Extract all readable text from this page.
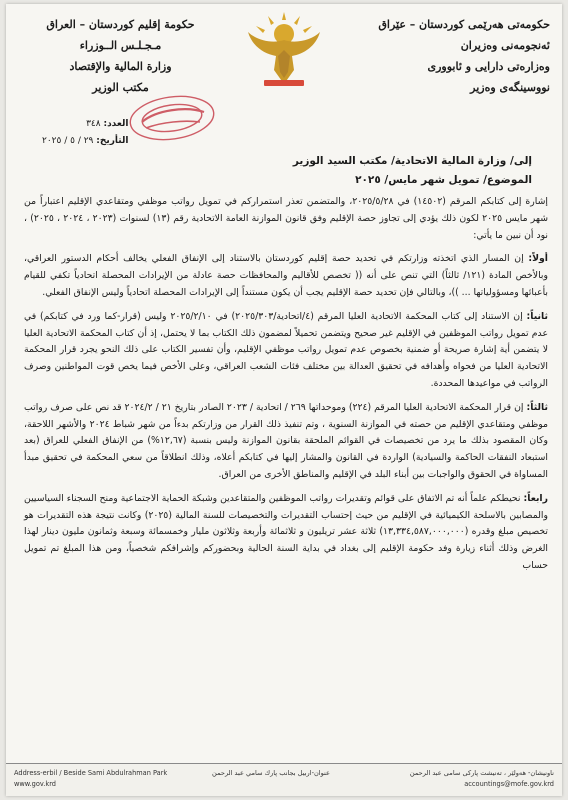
حکومەتی هەرێمی کوردستان – عێراق
ئەنجومەنی وەزیران
وەزارەتی دارایی و ئابووری
نووسینگەی وەزیر
حكومة إقليم كوردستان – العراق
مـجـلـس الــوزراء
وزارة المالية والإقتصاد
مكتب الوزير
العدد: ٣٤٨
التأريخ: ٢٩ / ٥ / ٢٠٢٥
إلى/ وزارة المالية الاتحادية/ مكتب السيد الوزير
الموضوع/ تمويل شهر مايس/ ٢٠٢٥

إشارة إلى كتابكم المرقم (١٤٥٠٢) في ٢٠٢٥/٥/٢٨، والمتضمن تعذر استمراركم في تمويل رواتب موظفي ومتقاعدي الإقليم اعتباراً من شهر مايس ٢٠٢٥ لكون ذلك يؤدي إلى تجاوز حصة الإقليم وفق قانون الموازنة العامة الاتحادية رقم (١٣) لسنوات (٢٠٢٣ ، ٢٠٢٤ ، ٢٠٢٥) ، نود أن نبين ما يأتي:

أولاً: إن المسار الذي اتخذته وزارتكم في تحديد حصة إقليم كوردستان بالاستناد إلى الإنفاق الفعلي يخالف أحكام الدستور العراقي، وبالأخص المادة (١٢١/ ثالثاً) التي تنص على أنه (( تخصص للأقاليم والمحافظات حصة عادلة من الإيرادات المحصلة اتحادياً تكفي للقيام بأعبائها ومسؤولياتها ... ))، وبالتالي فإن تحديد حصة الإقليم يجب أن يكون مستنداً إلى الإيرادات المحصلة اتحادياً وليس الإنفاق الفعلي.

ثانياً: إن الاستناد إلى كتاب المحكمة الاتحادية العليا المرقم (٤/اتحادية/٢٠٢٥/٣٠٣) في ٢٠٢٥/٢/١٠ وليس (قرار-كما ورد في كتابكم) في عدم تمويل رواتب الموظفين في الإقليم غير صحيح ويتضمن تحميلاً لمضمون ذلك الكتاب بما لا يحتمل، إذ أن كتاب المحكمة الاتحادية العليا لا يتضمن أية إشارة صريحة أو ضمنية بخصوص عدم تمويل رواتب موظفي الإقليم، وأن تفسير الكتاب على ذلك النحو يجرد قرار المحكمة الاتحادية العليا من فحواه وأهدافه في تحقيق العدالة بين مختلف فئات الشعب العراقي، وعلى الأخص فيما يخص قوت المواطنين وصرف الرواتب في مواعيدها المحددة.

ثالثاً: إن قرار المحكمة الاتحادية العليا المرقم (٢٢٤) وموحداتها ٢٦٩ / اتحادية / ٢٠٢٣ الصادر بتاريخ ٢١ / ٢٠٢٤/٢ قد نص على صرف رواتب موظفي ومتقاعدي الإقليم من حصته في الموازنة السنوية ، وتم تنفيذ ذلك القرار من وزارتكم بدءاً من شهر شباط ٢٠٢٤ والأشهر اللاحقة، وكان المقصود بذلك ما يرد من تخصيصات في القوائم الملحقة بقانون الموازنة وليس بنسبة (١٢,٦٧%) من الإنفاق الفعلي للعراق (بعد استبعاد النفقات الحاكمة والسيادية) الواردة في القانون والمشار إليها في كتابكم أعلاه، وذلك انطلاقاً من سعي المحكمة في تحقيق مبدأ المساواة في الحقوق والواجبات بين أبناء البلد في الإقليم والمناطق الأخرى من العراق.

رابعاً: نحيطكم علماً أنه تم الاتفاق على قوائم وتقديرات رواتب الموظفين والمتقاعدين وشبكة الحماية الاجتماعية ومنح السجناء السياسيين والمصابين بالاسلحة الكيميائية في الإقليم من حيث إحتساب التقديرات والتخصيصات للسنة المالية (٢٠٢٥) وكانت نتيجة هذه التقديرات هو تخصيص مبلغ وقدره (١٣,٣٣٤,٥٨٧,٠٠٠,٠٠٠) ثلاثة عشر تريليون و ثلاثمائة وأربعة وثلاثون مليار وخمسمائة وسبعة وثمانون مليون دينار لهذا الغرض وذلك أثناء زيارة وفد حكومة الإقليم إلى بغداد في بداية السنة الحالية وبحضوركم وإشرافكم شخصياً، ومن هذا المبلغ تم تمويل حساب

Address-erbil / Beside Sami Abdulrahman Park
www.gov.krd
عنوان-اربيل بجانب پارك سامي عبد الرحمن	ناونيشان- هەولێر ، تەنیشت پارکی سامی عبد الرحمن
accountings@mofe.gov.krd
